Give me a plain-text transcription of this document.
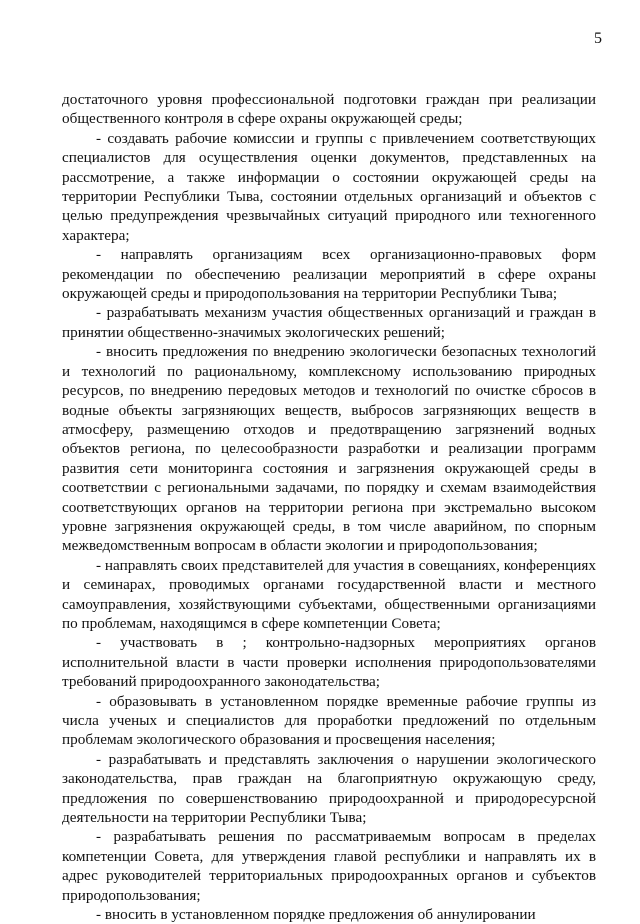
5

достаточного уровня профессиональной подготовки граждан при реализации общественного контроля в сфере охраны окружающей среды;

- создавать рабочие комиссии и группы с привлечением соответствующих специалистов для осуществления оценки документов, представленных на рассмотрение, а также информации о состоянии окружающей среды на территории Республики Тыва, состоянии отдельных организаций и объектов с целью предупреждения чрезвычайных ситуаций природного или техногенного характера;

- направлять организациям всех организационно-правовых форм рекомендации по обеспечению реализации мероприятий в сфере охраны окружающей среды и природопользования на территории Республики Тыва;

- разрабатывать механизм участия общественных организаций и граждан в принятии общественно-значимых экологических решений;

- вносить предложения по внедрению экологически безопасных технологий и технологий по рациональному, комплексному использованию природных ресурсов, по внедрению передовых методов и технологий по очистке сбросов в водные объекты загрязняющих веществ, выбросов загрязняющих веществ в атмосферу, размещению отходов и предотвращению загрязнений водных объектов региона, по целесообразности разработки и реализации программ развития сети мониторинга состояния и загрязнения окружающей среды в соответствии с региональными задачами, по порядку и схемам взаимодействия соответствующих органов на территории региона при экстремально высоком уровне загрязнения окружающей среды, в том числе аварийном, по спорным межведомственным вопросам в области экологии и природопользования;

- направлять своих представителей для участия в совещаниях, конференциях и семинарах, проводимых органами государственной власти и местного самоуправления, хозяйствующими субъектами, общественными организациями по проблемам, находящимся в сфере компетенции Совета;

- участвовать в ; контрольно-надзорных мероприятиях органов исполнительной власти в части проверки исполнения природопользователями требований природоохранного законодательства;

- образовывать в установленном порядке временные рабочие группы из числа ученых и специалистов для проработки предложений по отдельным проблемам экологического образования и просвещения населения;

- разрабатывать и представлять заключения о нарушении экологического законодательства, прав граждан на благоприятную окружающую среду, предложения по совершенствованию природоохранной и природоресурсной деятельности на территории Республики Тыва;

- разрабатывать решения по рассматриваемым вопросам в пределах компетенции Совета, для утверждения главой республики и направлять их в адрес руководителей территориальных природоохранных органов и субъектов природопользования;

- вносить в установленном порядке предложения об аннулировании
